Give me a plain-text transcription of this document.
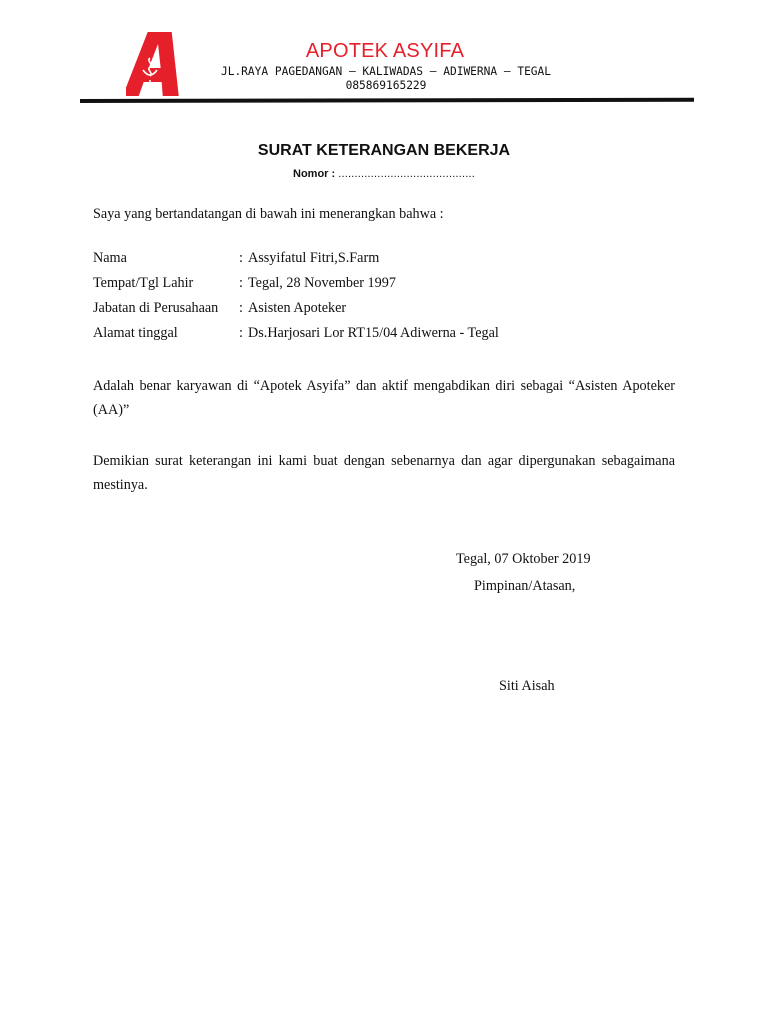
APOTEK ASYIFA
JL.RAYA PAGEDANGAN – KALIWADAS – ADIWERNA – TEGAL
085869165229
SURAT KETERANGAN BEKERJA
Nomor : ..........................................
Saya yang bertandatangan di bawah ini menerangkan bahwa :
Nama	: Assyifatul Fitri,S.Farm
Tempat/Tgl Lahir	: Tegal, 28 November 1997
Jabatan di Perusahaan : Asisten Apoteker
Alamat tinggal	: Ds.Harjosari Lor RT15/04 Adiwerna - Tegal
Adalah benar karyawan di “Apotek Asyifa” dan aktif mengabdikan diri sebagai “Asisten Apoteker (AA)”
Demikian surat keterangan ini kami buat dengan sebenarnya dan agar dipergunakan sebagaimana mestinya.
Tegal, 07 Oktober 2019
Pimpinan/Atasan,
Siti Aisah
